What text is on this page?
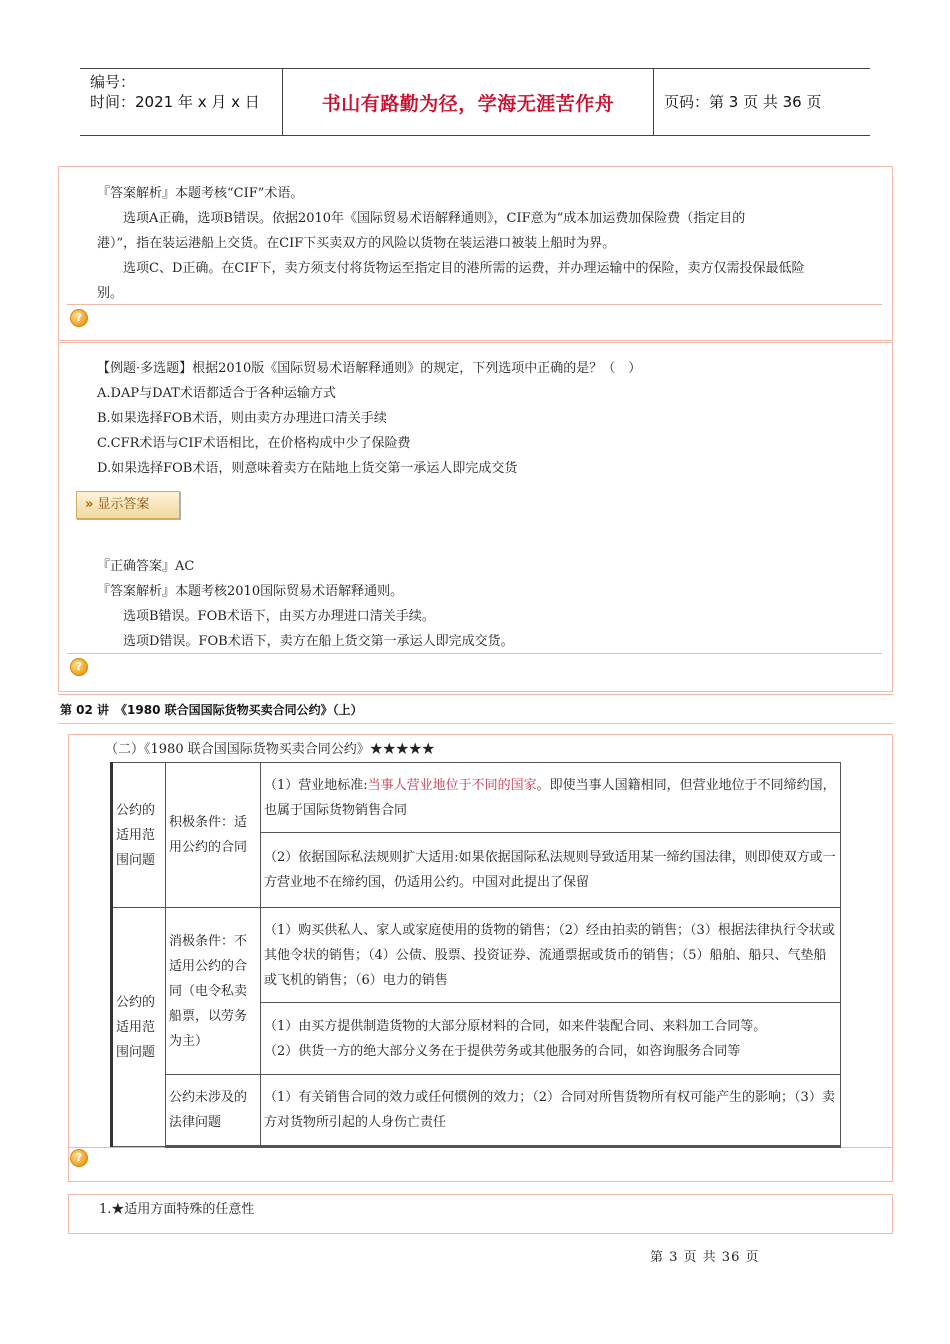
编号：
时间：2021 年 x 月 x 日	书山有路勤为径，学海无涯苦作舟	页码：第 3 页 共 36 页
『答案解析』本题考核“CIF”术语。
　　选项A正确，选项B错误。依据2010年《国际贸易术语解释通则》，CIF意为“成本加运费加保险费（指定目的
港）”，指在装运港船上交货。在CIF下买卖双方的风险以货物在装运港口被装上船时为界。
　　选项C、D正确。在CIF下，卖方须支付将货物运至指定目的港所需的运费，并办理运输中的保险，卖方仅需投保最低险
别。
?
【例题·多选题】根据2010版《国际贸易术语解释通则》的规定，下列选项中正确的是？（　）
A.DAP与DAT术语都适合于各种运输方式
B.如果选择FOB术语，则由卖方办理进口清关手续
C.CFR术语与CIF术语相比，在价格构成中少了保险费
D.如果选择FOB术语，则意味着卖方在陆地上货交第一承运人即完成交货
『正确答案』AC
『答案解析』本题考核2010国际贸易术语解释通则。
　　选项B错误。FOB术语下，由买方办理进口清关手续。
　　选项D错误。FOB术语下，卖方在船上货交第一承运人即完成交货。
?
» 显示答案
第 02 讲　《1980 联合国国际货物买卖合同公约》（上）
（二）《1980 联合国国际货物买卖合同公约》★★★★★
?
公约的适用范围问题	积极条件：适用公约的合同	（1）营业地标准:当事人营业地位于不同的国家。即使当事人国籍相同，但营业地位于不同缔约国，也属于国际货物销售合同
		（2）依据国际私法规则扩大适用:如果依据国际私法规则导致适用某一缔约国法律，则即使双方或一方营业地不在缔约国，仍适用公约。中国对此提出了保留
公约的适用范围问题	消极条件：不适用公约的合同（电令私卖船票，以劳务为主）	（1）购买供私人、家人或家庭使用的货物的销售；（2）经由拍卖的销售；（3）根据法律执行令状或其他令状的销售；（4）公债、股票、投资证券、流通票据或货币的销售；（5）船舶、船只、气垫船或飞机的销售；（6）电力的销售

		（1）由买方提供制造货物的大部分原材料的合同，如来件装配合同、来料加工合同等。
（2）供货一方的绝大部分义务在于提供劳务或其他服务的合同，如咨询服务合同等

	公约未涉及的法律问题	（1）有关销售合同的效力或任何惯例的效力；（2）合同对所售货物所有权可能产生的影响；（3）卖方对货物所引起的人身伤亡责任
1.★适用方面特殊的任意性
第 3 页 共 36 页
